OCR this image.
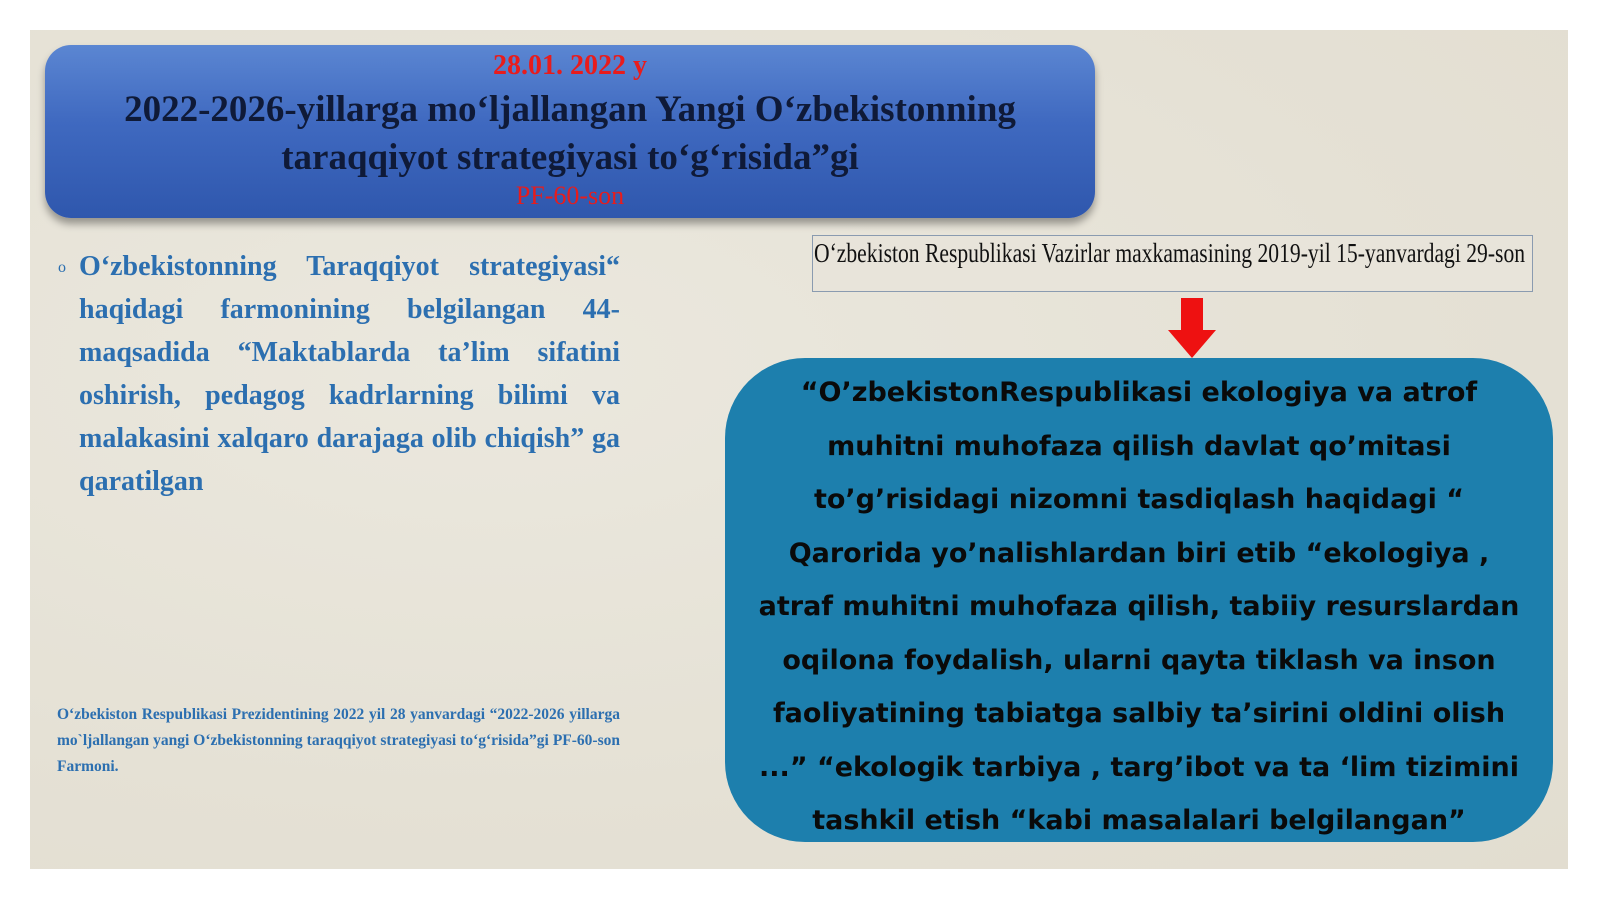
28.01. 2022 y
2022-2026-yillarga mo‘ljallangan Yangi O‘zbekistonning taraqqiyot strategiyasi to‘g‘risida”gi
PF-60-son
o O‘zbekistonning Taraqqiyot strategiyasi“ haqidagi farmonining belgilangan 44-maqsadida “Maktablarda ta’lim sifatini oshirish, pedagog kadrlarning bilimi va malakasini xalqaro darajaga olib chiqish” ga qaratilgan
O‘zbekiston Respublikasi Prezidentining 2022 yil 28 yanvardagi “2022-2026 yillarga mo`ljallangan yangi O‘zbekistonning taraqqiyot strategiyasi to‘g‘risida”gi PF-60-son Farmoni.
O‘zbekiston Respublikasi Vazirlar maxkamasining 2019-yil 15-yanvardagi 29-son
“O’zbekistonRespublikasi ekologiya va atrof muhitni muhofaza qilish davlat qo’mitasi to’g’risidagi nizomni tasdiqlash haqidagi “ Qarorida yo’nalishlardan biri etib “ekologiya , atraf muhitni muhofaza qilish, tabiiy resurslardan oqilona foydalish, ularni qayta tiklash va inson faoliyatining tabiatga salbiy ta’sirini oldini olish ...” “ekologik tarbiya , targ’ibot va ta ‘lim tizimini tashkil etish “kabi masalalari belgilangan”
